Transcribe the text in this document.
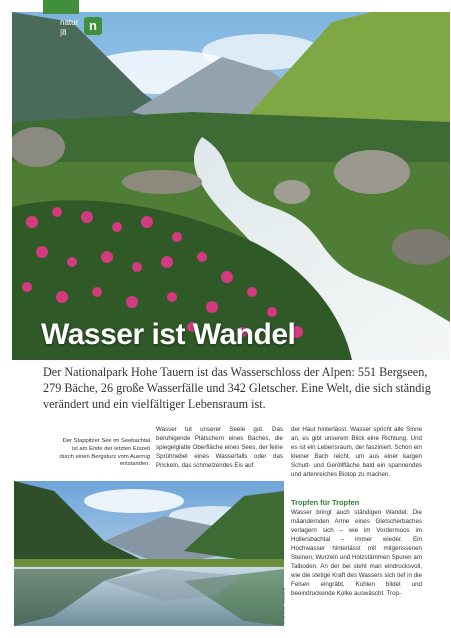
natur
|8	n
Wasser ist Wandel

Der Nationalpark Hohe Tauern ist das Wasserschloss der Alpen: 551 Bergseen, 279 Bäche, 26 große Wasserfälle und 342 Gletscher. Eine Welt, die sich ständig verändert und ein vielfältiger Lebensraum ist.

Der Stappitzer See im Seebachtal ist am Ende der letzten Eiszeit durch einen Bergsturz vom Auernig entstanden.

Wasser tut unserer Seele gut. Das beruhigende Plätschern eines Baches, die spiegelglatte Oberfläche eines Sees, der feine Sprühnebel eines Wasserfalls oder das Prickeln, das schmelzendes Eis auf

der Haut hinterlässt. Wasser spricht alle Sinne an, es gibt unserem Blick eine Richtung. Und es ist ein Lebensraum, der fasziniert. Schon ein kleiner Bach reicht, um aus einer kargen Schutt- und Geröllfläche bald ein spannendes und artenreiches Biotop zu machen.

Tropfen für Tropfen

Wasser bringt auch ständigen Wandel: Die mäandernden Arme eines Gletscherbaches verlagern sich – wie im Vordermoos im Hollersbachtal – immer wieder. Ein Hochwasser hinterlässt mit mitgerissenen Steinen, Wurzeln und Holzstämmen Spuren am Talboden. An der bei steht man eindrucksvoll, wie die stetige Kraft des Wassers sich tief in die Felsen eingräbt, Kuhlen bildet und beeindruckende Kolke auswäscht. Trop-

© NPHT/F. MÜLLER
